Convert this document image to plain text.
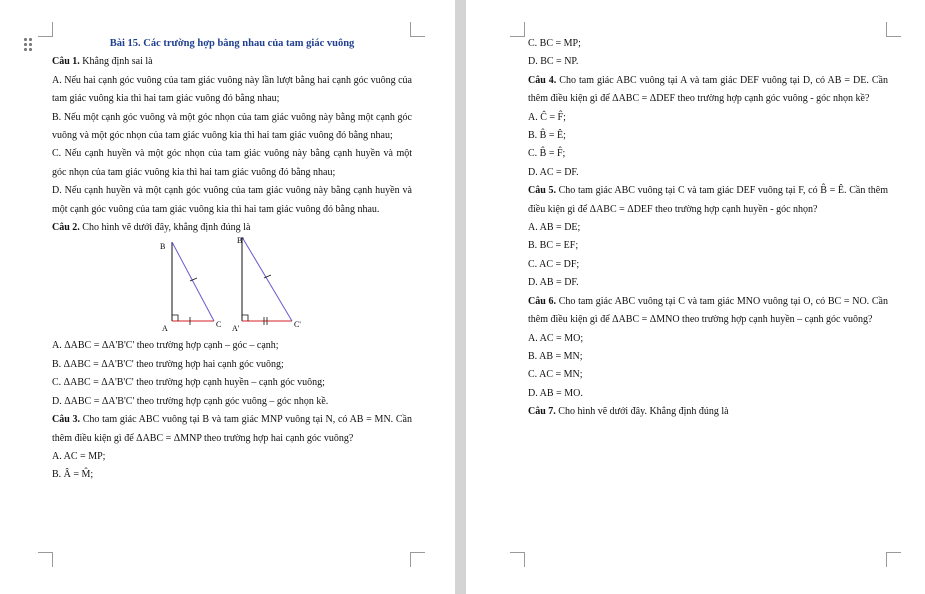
Bài 15. Các trường hợp bằng nhau của tam giác vuông
Câu 1. Khẳng định sai là
A. Nếu hai cạnh góc vuông của tam giác vuông này lần lượt bằng hai cạnh góc vuông của tam giác vuông kia thì hai tam giác vuông đó bằng nhau;
B. Nếu một cạnh góc vuông và một góc nhọn của tam giác vuông này bằng một cạnh góc vuông và một góc nhọn của tam giác vuông kia thì hai tam giác vuông đó bằng nhau;
C. Nếu cạnh huyền và một góc nhọn của tam giác vuông này bằng cạnh huyền và một góc nhọn của tam giác vuông kia thì hai tam giác vuông đó bằng nhau;
D. Nếu cạnh huyền và một cạnh góc vuông của tam giác vuông này bằng cạnh huyền và một cạnh góc vuông của tam giác vuông kia thì hai tam giác vuông đó bằng nhau.
Câu 2. Cho hình vẽ dưới đây, khẳng định đúng là
B
A	C
B'
A'	C'
A. ΔABC = ΔA'B'C' theo trường hợp cạnh – góc – cạnh;
B. ΔABC = ΔA'B'C' theo trường hợp hai cạnh góc vuông;
C. ΔABC = ΔA'B'C' theo trường hợp cạnh huyền – cạnh góc vuông;
D. ΔABC = ΔA'B'C' theo trường hợp cạnh góc vuông – góc nhọn kề.
Câu 3. Cho tam giác ABC vuông tại B và tam giác MNP vuông tại N, có AB = MN. Cần thêm điều kiện gì để ΔABC = ΔMNP theo trường hợp hai cạnh góc vuông?
A. AC = MP;
B. Â = M̂;
C. BC = MP;
D. BC = NP.
Câu 4. Cho tam giác ABC vuông tại A và tam giác DEF vuông tại D, có AB = DE. Cần thêm điều kiện gì để ΔABC = ΔDEF theo trường hợp cạnh góc vuông - góc nhọn kề?
A. Ĉ = F̂;
B. B̂ = Ê;
C. B̂ = F̂;
D. AC = DF.
Câu 5. Cho tam giác ABC vuông tại C và tam giác DEF vuông tại F, có B̂ = Ê. Cần thêm điều kiện gì để ΔABC = ΔDEF theo trường hợp cạnh huyền - góc nhọn?
A. AB = DE;
B. BC = EF;
C. AC = DF;
D. AB = DF.
Câu 6. Cho tam giác ABC vuông tại C và tam giác MNO vuông tại O, có BC = NO. Cần thêm điều kiện gì để ΔABC = ΔMNO theo trường hợp cạnh huyền – cạnh góc vuông?
A. AC = MO;
B. AB = MN;
C. AC = MN;
D. AB = MO.
Câu 7. Cho hình vẽ dưới đây. Khẳng định đúng là
